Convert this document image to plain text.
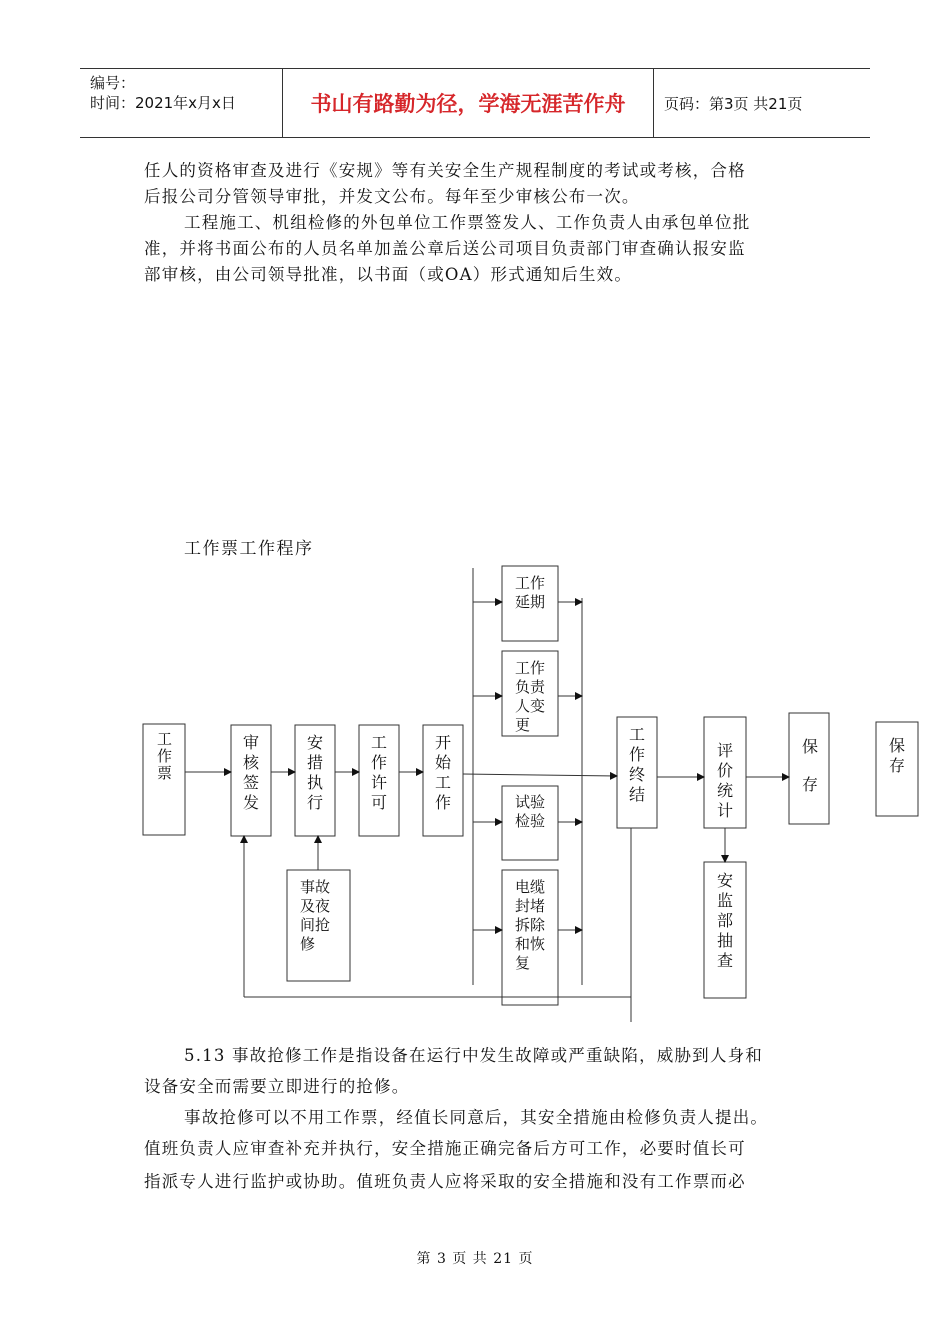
编号：
时间：2021年x月x日	书山有路勤为径，学海无涯苦作舟	页码：第3页 共21页

任人的资格审查及进行《安规》等有关安全生产规程制度的考试或考核，合格

后报公司分管领导审批，并发文公布。每年至少审核公布一次。

工程施工、机组检修的外包单位工作票签发人、工作负责人由承包单位批

准，并将书面公布的人员名单加盖公章后送公司项目负责部门审查确认报安监

部审核，由公司领导批准，以书面（或OA）形式通知后生效。

工作票工作程序
工 作 票
审 核 签 发
安 措 执 行
工 作 许 可
开 始 工 作
工作 延期
工作 负责 人变 更
试验 检验
电缆 封堵 拆除 和恢 复
事故 及夜 间抢 修
工 作 终 结
评 价 统 计
保 存
保 存
安 监 部 抽 查

5.13 事故抢修工作是指设备在运行中发生故障或严重缺陷，威胁到人身和

设备安全而需要立即进行的抢修。

事故抢修可以不用工作票，经值长同意后，其安全措施由检修负责人提出。

值班负责人应审查补充并执行，安全措施正确完备后方可工作，必要时值长可

指派专人进行监护或协助。值班负责人应将采取的安全措施和没有工作票而必

第 3 页 共 21 页
